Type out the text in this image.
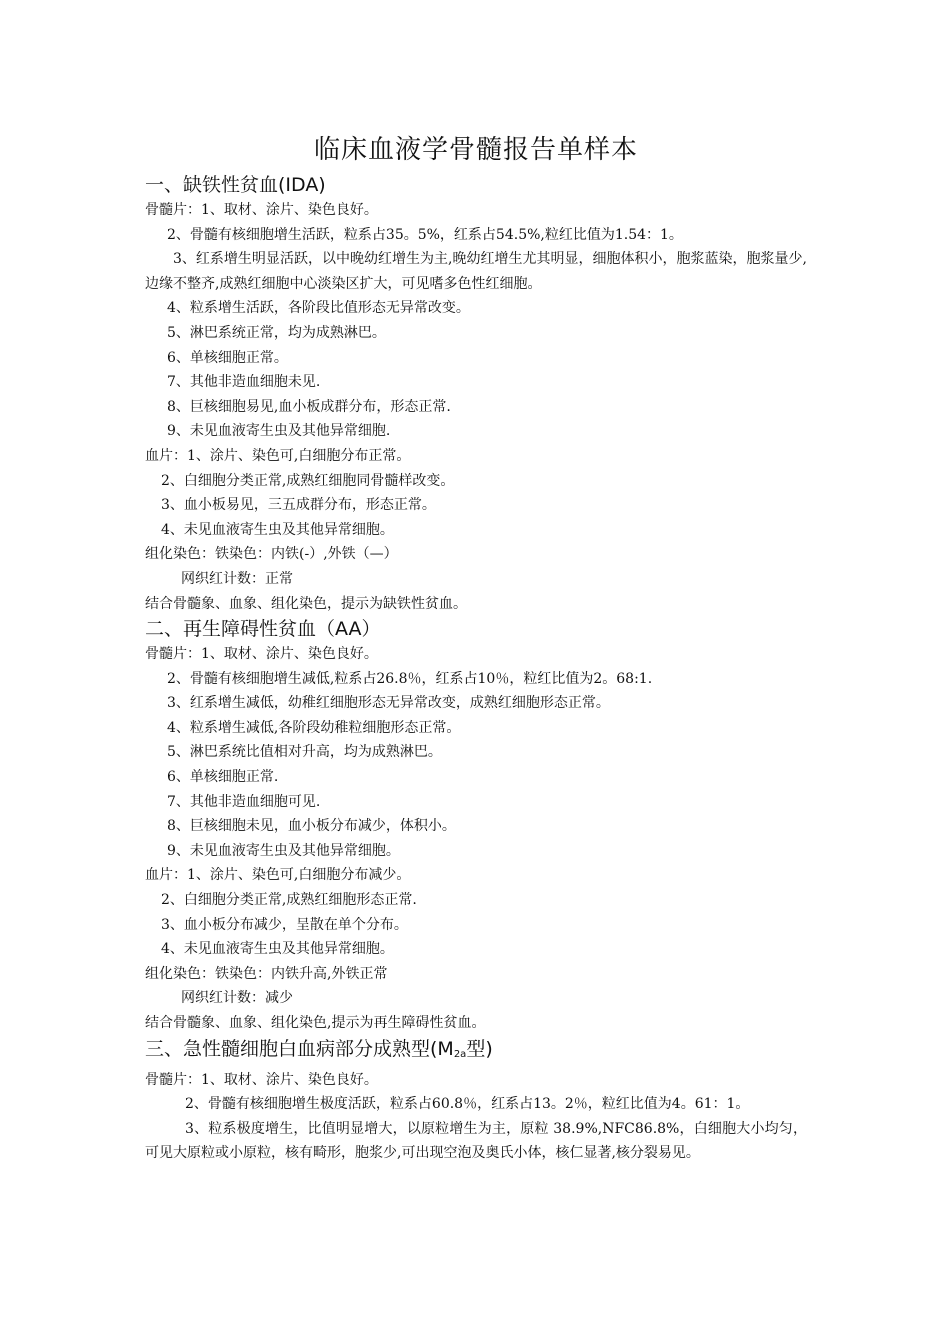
临床血液学骨髓报告单样本
一、缺铁性贫血(IDA)
骨髓片：1、取材、涂片、染色良好。
2、骨髓有核细胞增生活跃，粒系占35。5%，红系占54.5%,粒红比值为1.54：1。
3、红系增生明显活跃，以中晚幼红增生为主,晚幼红增生尤其明显，细胞体积小，胞浆蓝染，胞浆量少,边缘不整齐,成熟红细胞中心淡染区扩大，可见嗜多色性红细胞。
4、粒系增生活跃，各阶段比值形态无异常改变。
5、淋巴系统正常，均为成熟淋巴。
6、单核细胞正常。
7、其他非造血细胞未见.
8、巨核细胞易见,血小板成群分布，形态正常.
9、未见血液寄生虫及其他异常细胞.
血片：1、涂片、染色可,白细胞分布正常。
2、白细胞分类正常,成熟红细胞同骨髓样改变。
3、血小板易见，三五成群分布，形态正常。
4、未见血液寄生虫及其他异常细胞。
组化染色：铁染色：内铁(-）,外铁（—）
网织红计数：正常
结合骨髓象、血象、组化染色，提示为缺铁性贫血。
二、再生障碍性贫血（AA）
骨髓片：1、取材、涂片、染色良好。
2、骨髓有核细胞增生减低,粒系占26.8％，红系占10％，粒红比值为2。68:1.
3、红系增生减低，幼稚红细胞形态无异常改变，成熟红细胞形态正常。
4、粒系增生减低,各阶段幼稚粒细胞形态正常。
5、淋巴系统比值相对升高，均为成熟淋巴。
6、单核细胞正常.
7、其他非造血细胞可见.
8、巨核细胞未见，血小板分布减少，体积小。
9、未见血液寄生虫及其他异常细胞。
血片：1、涂片、染色可,白细胞分布减少。
2、白细胞分类正常,成熟红细胞形态正常.
3、血小板分布减少，呈散在单个分布。
4、未见血液寄生虫及其他异常细胞。
组化染色：铁染色：内铁升高,外铁正常
网织红计数：减少
结合骨髓象、血象、组化染色,提示为再生障碍性贫血。
三、急性髓细胞白血病部分成熟型($M_{2a}$型)
骨髓片：1、取材、涂片、染色良好。
2、骨髓有核细胞增生极度活跃，粒系占60.8％，红系占13。2％，粒红比值为4。61：1。
3、粒系极度增生，比值明显增大，以原粒增生为主，原粒 38.9%,NFC86.8%，白细胞大小均匀，可见大原粒或小原粒，核有畸形，胞浆少,可出现空泡及奥氏小体，核仁显著,核分裂易见。
